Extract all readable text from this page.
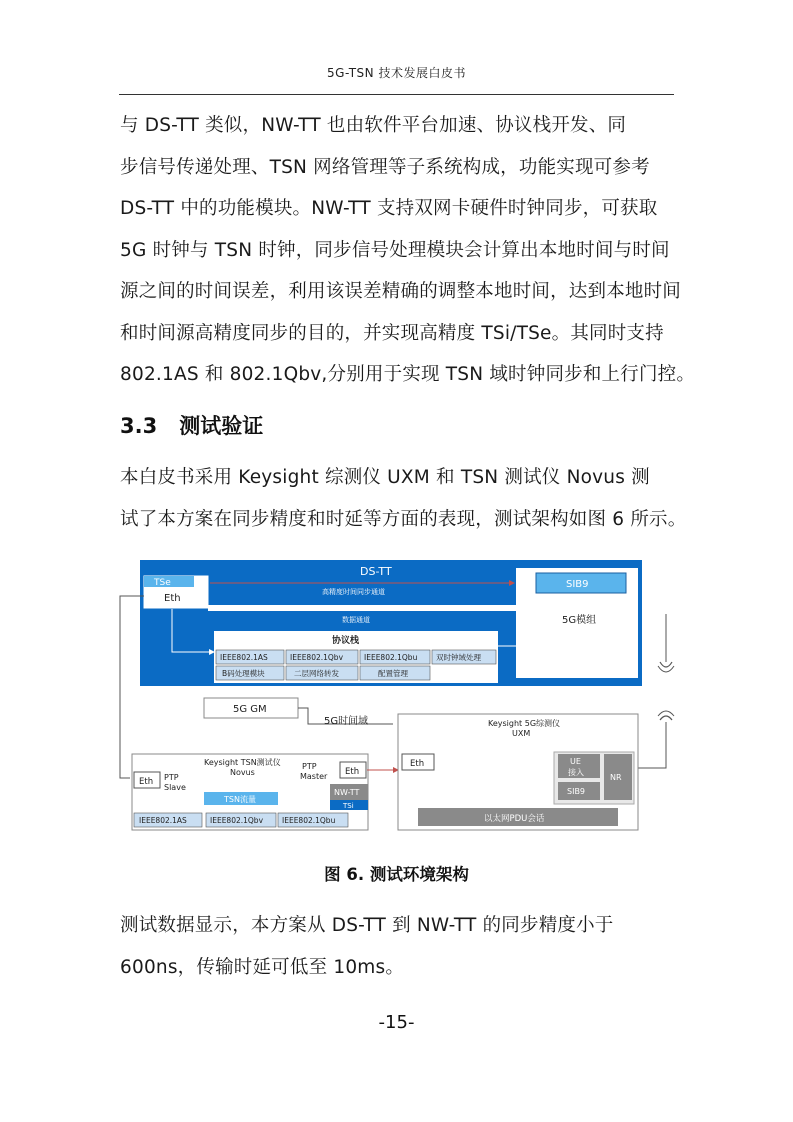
5G-TSN 技术发展白皮书
与 DS-TT 类似，NW-TT 也由软件平台加速、协议栈开发、同
步信号传递处理、TSN 网络管理等子系统构成，功能实现可参考
DS-TT 中的功能模块。NW-TT 支持双网卡硬件时钟同步，可获取
5G 时钟与 TSN 时钟，同步信号处理模块会计算出本地时间与时间
源之间的时间误差，利用该误差精确的调整本地时间，达到本地时间
和时间源高精度同步的目的，并实现高精度 TSi/TSe。其同时支持
802.1AS 和 802.1Qbv,分别用于实现 TSN 域时钟同步和上行门控。
3.3 测试验证
本白皮书采用 Keysight 综测仪 UXM 和 TSN 测试仪 Novus 测
试了本方案在同步精度和时延等方面的表现，测试架构如图 6 所示。
DS-TT
TSe
Eth
SIB9
5G模组
高精度时间同步通道
数据通道
协议栈
IEEE802.1AS	IEEE802.1Qbv	IEEE802.1Qbu 双时钟域处理
B码处理模块	二层网络转发	配置管理
5G GM
5G时间域
Keysight TSN测试仪
Novus
Eth PTP
Slave
PTP
Master Eth
NW-TT
TSi
TSN流量
IEEE802.1AS	IEEE802.1Qbv	IEEE802.1Qbu
Keysight 5G综测仪
UXM
Eth	UE
接入
SIB9
NR
以太网PDU会话
图 6. 测试环境架构
测试数据显示，本方案从 DS-TT 到 NW-TT 的同步精度小于
600ns，传输时延可低至 10ms。
-15-
